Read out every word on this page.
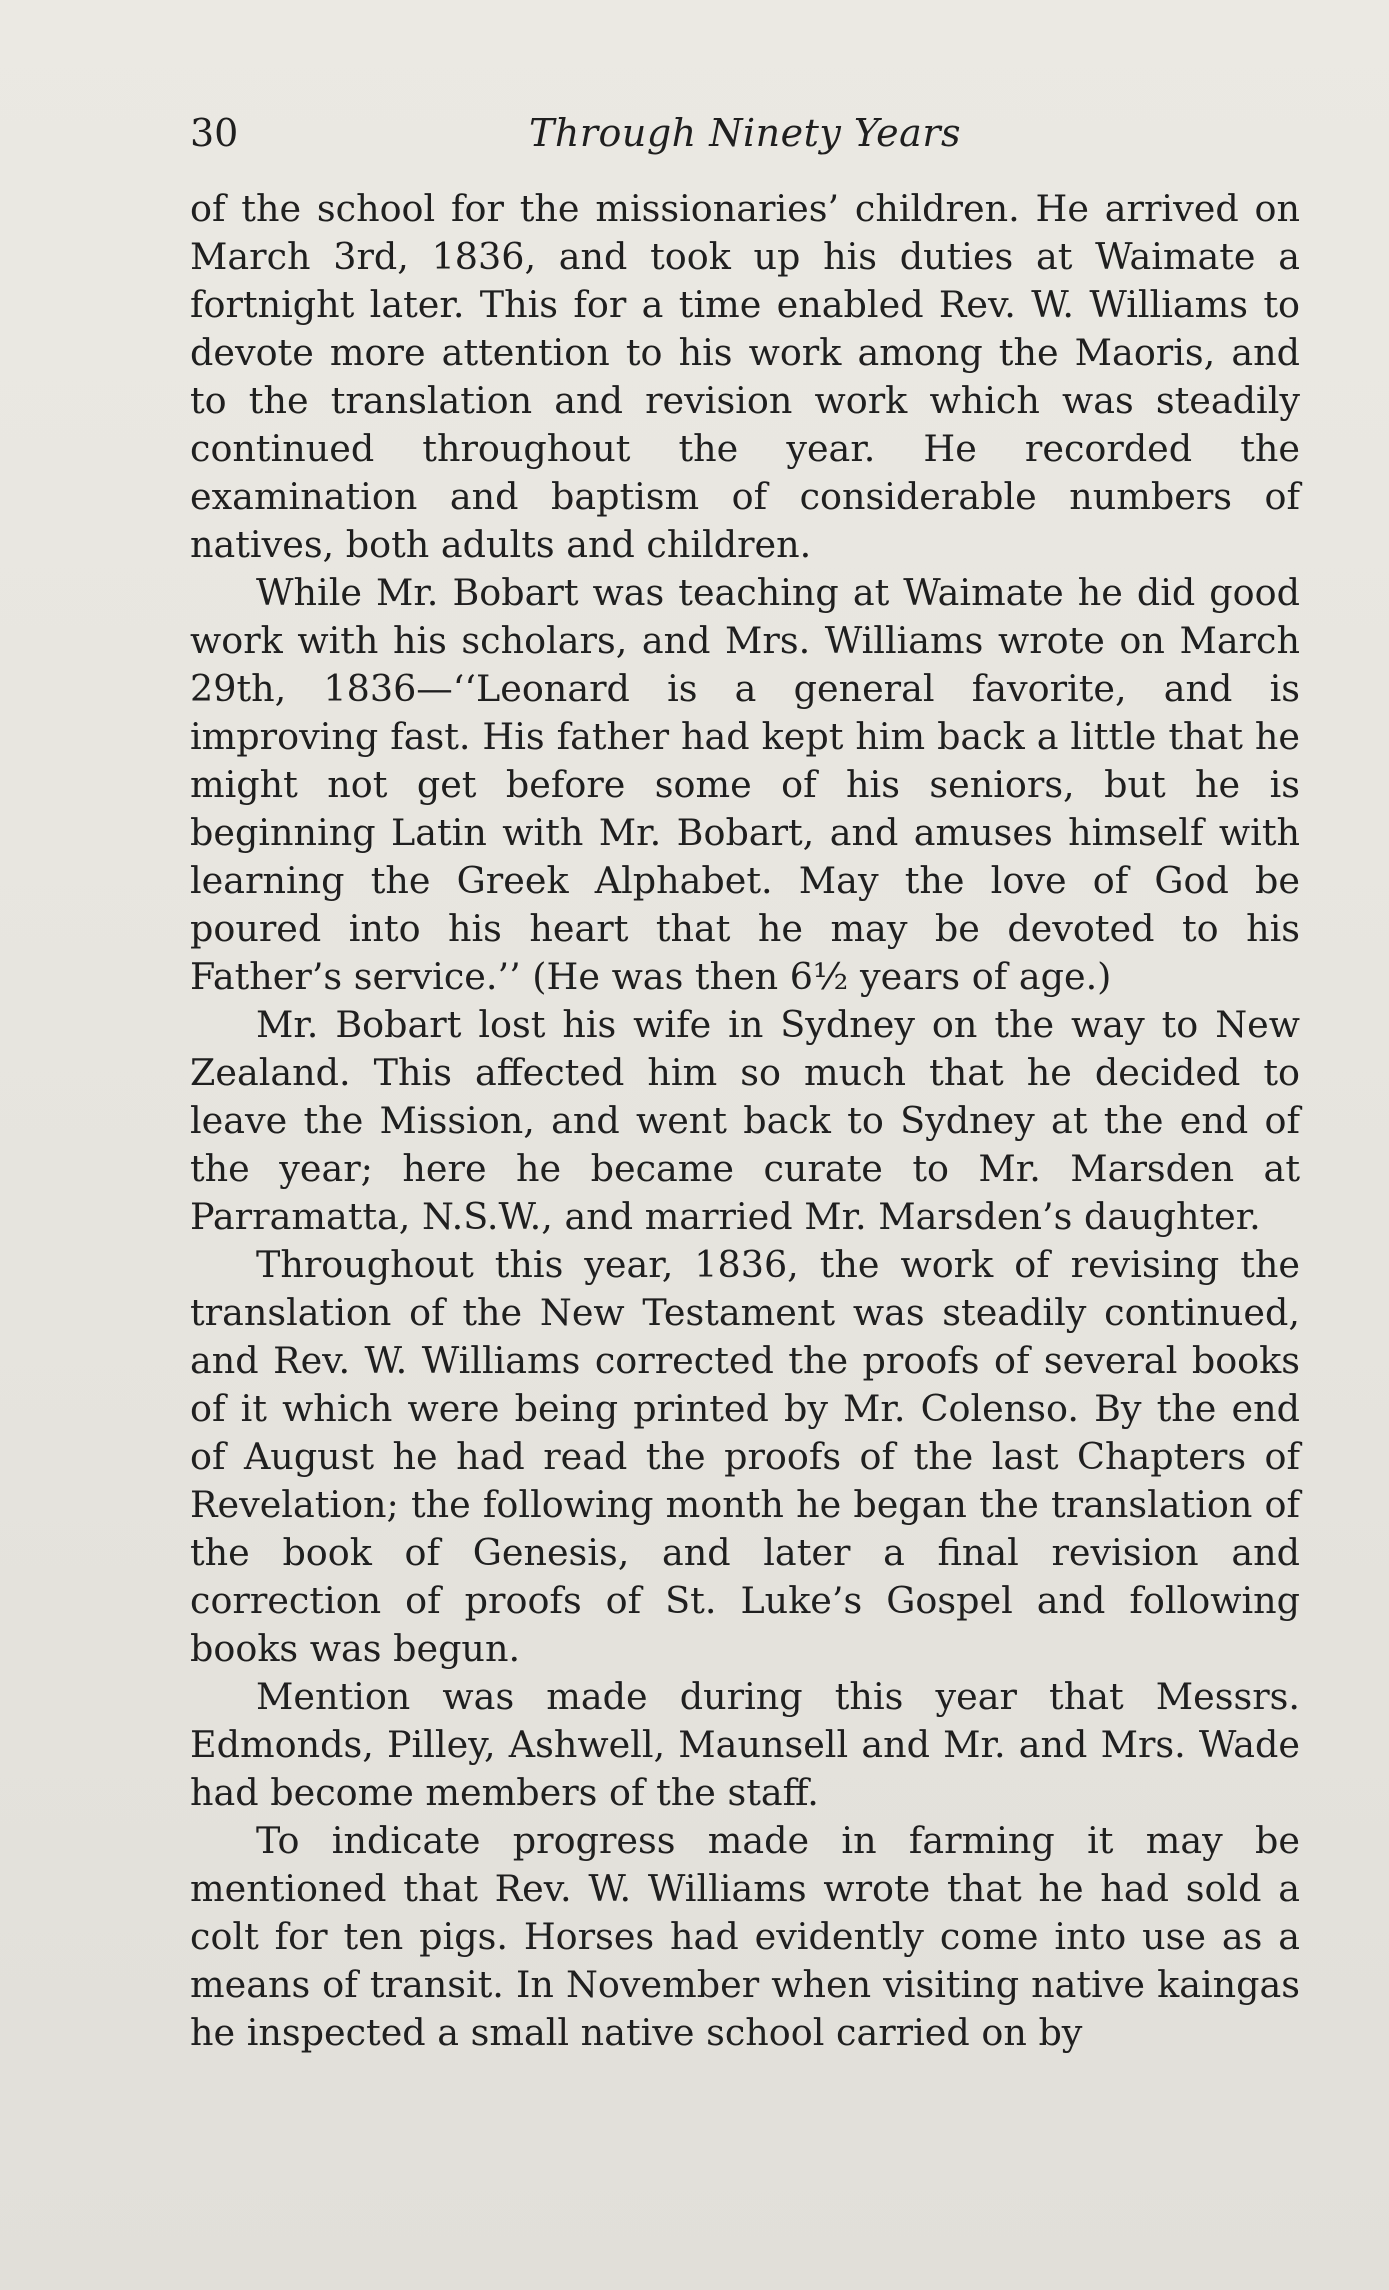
30	Through Ninety Years

of the school for the missionaries’ children. He arrived on March 3rd, 1836, and took up his duties at Waimate a fortnight later. This for a time enabled Rev. W. Williams to devote more attention to his work among the Maoris, and to the translation and revision work which was steadily continued throughout the year. He recorded the examination and baptism of considerable numbers of natives, both adults and children.

While Mr. Bobart was teaching at Waimate he did good work with his scholars, and Mrs. Williams wrote on March 29th, 1836—‘‘Leonard is a general favorite, and is improving fast. His father had kept him back a little that he might not get before some of his seniors, but he is beginning Latin with Mr. Bobart, and amuses himself with learning the Greek Alphabet. May the love of God be poured into his heart that he may be devoted to his Father’s service.’’ (He was then 6½ years of age.)

Mr. Bobart lost his wife in Sydney on the way to New Zealand. This affected him so much that he decided to leave the Mission, and went back to Sydney at the end of the year; here he became curate to Mr. Marsden at Parramatta, N.S.W., and married Mr. Marsden’s daughter.

Throughout this year, 1836, the work of revising the translation of the New Testament was steadily continued, and Rev. W. Williams corrected the proofs of several books of it which were being printed by Mr. Colenso. By the end of August he had read the proofs of the last Chapters of Revelation; the following month he began the translation of the book of Genesis, and later a final revision and correction of proofs of St. Luke’s Gospel and following books was begun.

Mention was made during this year that Messrs. Edmonds, Pilley, Ashwell, Maunsell and Mr. and Mrs. Wade had become members of the staff.

To indicate progress made in farming it may be mentioned that Rev. W. Williams wrote that he had sold a colt for ten pigs. Horses had evidently come into use as a means of transit. In November when visiting native kaingas he inspected a small native school carried on by
